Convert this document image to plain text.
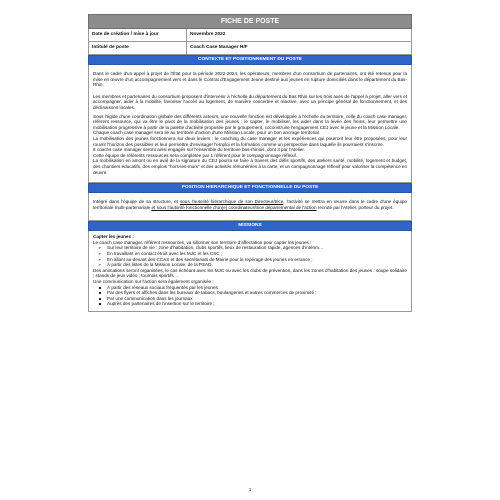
FICHE DE POSTE
Date de création / mise à jour	Novembre 2022
Intitulé de poste	Coach Case Manager H/F
CONTEXTE ET POSITIONNEMENT DU POSTE

Dans le cadre d'un appel à projet de l'État pour la période 2022-2024, les opérateurs, membres d'un consortium de partenaires, ont été retenus pour la mise en œuvre d'un accompagnement vers et dans le Contrat d'Engagement Jeune destiné aux jeunes en rupture domiciliés dans le département du Bas-Rhin.

Les membres et partenaires du consortium proposent d'intervenir à l'échelle du département du Bas Rhin sur les trois axes de l'appel à projet, aller vers et accompagner, aider à la mobilité, favoriser l'accès au logement, de manière concertée et réactive, avec un principe général de fonctionnement, et des déclinaisons locales.

Sous l'égide d'une coordination globale des différents acteurs, une nouvelle fonction est développée à l'échelle du territoire, celle du coach case manager, référent ressource, qui va être le pivot de la mobilisation des jeunes : le capter, le mobiliser, les aider dans la levée des freins, leur permettre une mobilisation progressive à partir de la palette d'activité proposée par le groupement, coconstruire l'engagement CEJ avec le jeune et la Mission Locale.

Chaque coach case manager sera lié au territoire d'action d'une Mission Locale, pour un bon ancrage territorial.

La mobilisation des jeunes fonctionnera sur deux leviers : le coaching du case manager et les expériences qui pourront leur être proposées, pour leur rouvrir l'horizon des possibles et leur permettre d'envisager l'emploi et la formation comme un perspective dans laquelle ils pourraient s'inscrire.

8 coachs case manager seront ainsi engagés sur l'ensemble du territoire bas-rhinois, dont 3 par l'Atelier.

Cette équipe de référents ressources sera complétée par 1 référent pour le compagnonnage réflexif.

La mobilisation en amont ou en aval de la signature du CEJ pourra se faire à travers des défis sportifs, des ateliers santé, mobilité, logement et budget, des chantiers éducatifs, des emplois "hors-les-murs" et des activités rémunérées à la carte, et un compagnonnage réflexif pour valoriser la compétence en œuvre.

POSITION HIERARCHIQUE ET FONCTIONNELLE DU POSTE

Intégré dans l'équipe de sa structure, et sous l'autorité hiérarchique de son Directeur/trice, l'activité se mettra en œuvre dans le cadre d'une équipe territoriale multi-partenariale et sous l'autorité fonctionnelle d'un(e) coordinateur/trice départemental de l'action recruté par l'Atelier, porteur du projet.

MISSIONS

Capter les jeunes :

Le coach case manager, référent ressources, va sillonner son territoire d'affectation pour capter les jeunes :

➢ Sur leur territoire de vie : zone d'habitation, clubs sportifs, lieux de restauration rapide, agences d'intérim…
➢ En travaillant en contact étroit avec les MJC et les CSC ;
➢ En allant au-devant des CCAS et des secrétariats de Mairie pour le repérage des jeunes en errance ;
➢ À partir des listes de la Mission Locale, de la PSAD.

Des animations seront organisées, le cas échéant avec les MJC ou avec les clubs de prévention, dans les zones d'habitation des jeunes : soupe solidaire ; stands de jeux vidéo ; tournois sportifs…

Une communication sur l'action sera également organisée :

À partir des réseaux sociaux fréquentés par les jeunes
Par des flyers et affiches dans les bureaux de tabacs, boulangeries et autres commerces de proximité ;
Par une communication dans les journaux
Auprès des partenaires de l'insertion sur le territoire ;
1
